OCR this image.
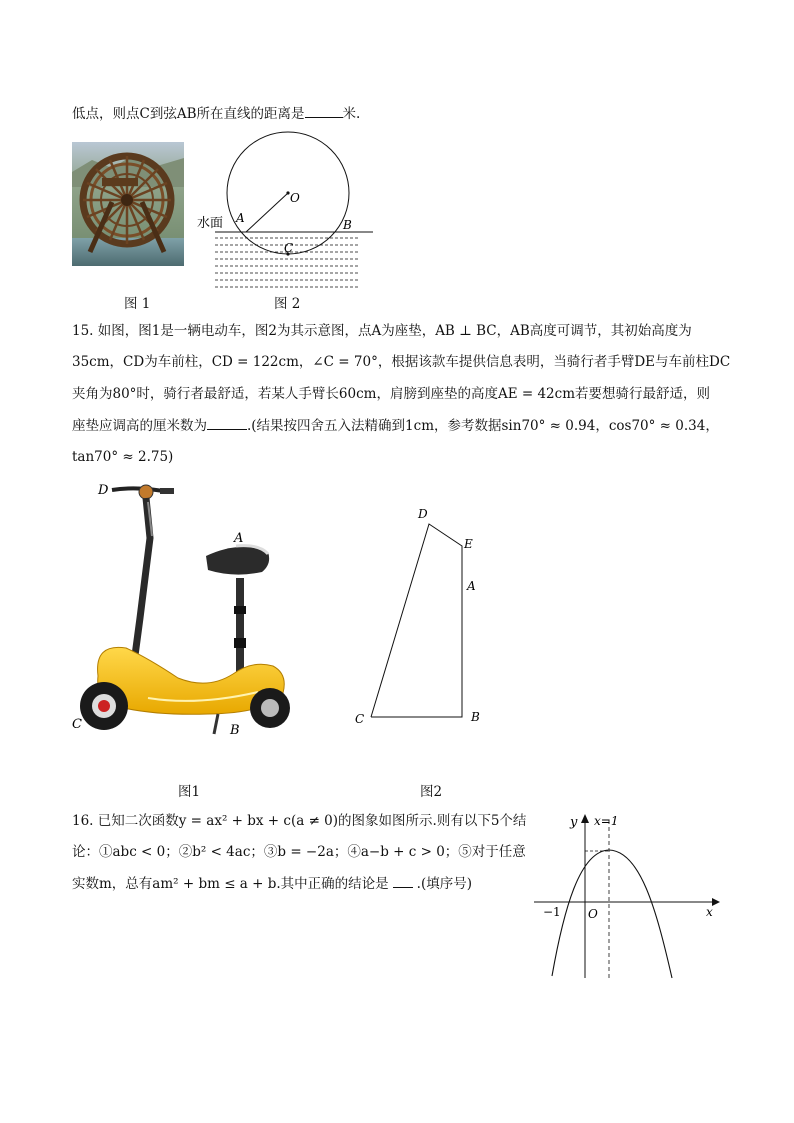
低点，则点C到弦AB所在直线的距离是	米.
图 1
水面 A	B
C
O
图 2
15. 如图，图1是一辆电动车，图2为其示意图，点A为座垫，AB ⊥ BC，AB高度可调节，其初始高度为
35cm，CD为车前柱，CD = 122cm，∠C = 70°，根据该款车提供信息表明，当骑行者手臂DE与车前柱DC
夹角为80°时，骑行者最舒适，若某人手臂长60cm，肩膀到座垫的高度AE = 42cm若要想骑行最舒适，则
座垫应调高的厘米数为	.(结果按四舍五入法精确到1cm，参考数据sin70° ≈ 0.94，cos70° ≈ 0.34，
tan70° ≈ 2.75)
D
A
C	B
图1
D
E
A
C	B
图2
16. 已知二次函数y = ax² + bx + c(a ≠ 0)的图象如图所示.则有以下5个结
论：①abc < 0；②b² < 4ac；③b = −2a；④a−b + c > 0；⑤对于任意
实数m，总有am² + bm ≤ a + b.其中正确的结论是 .(填序号)
y x=1
x
−1 O
